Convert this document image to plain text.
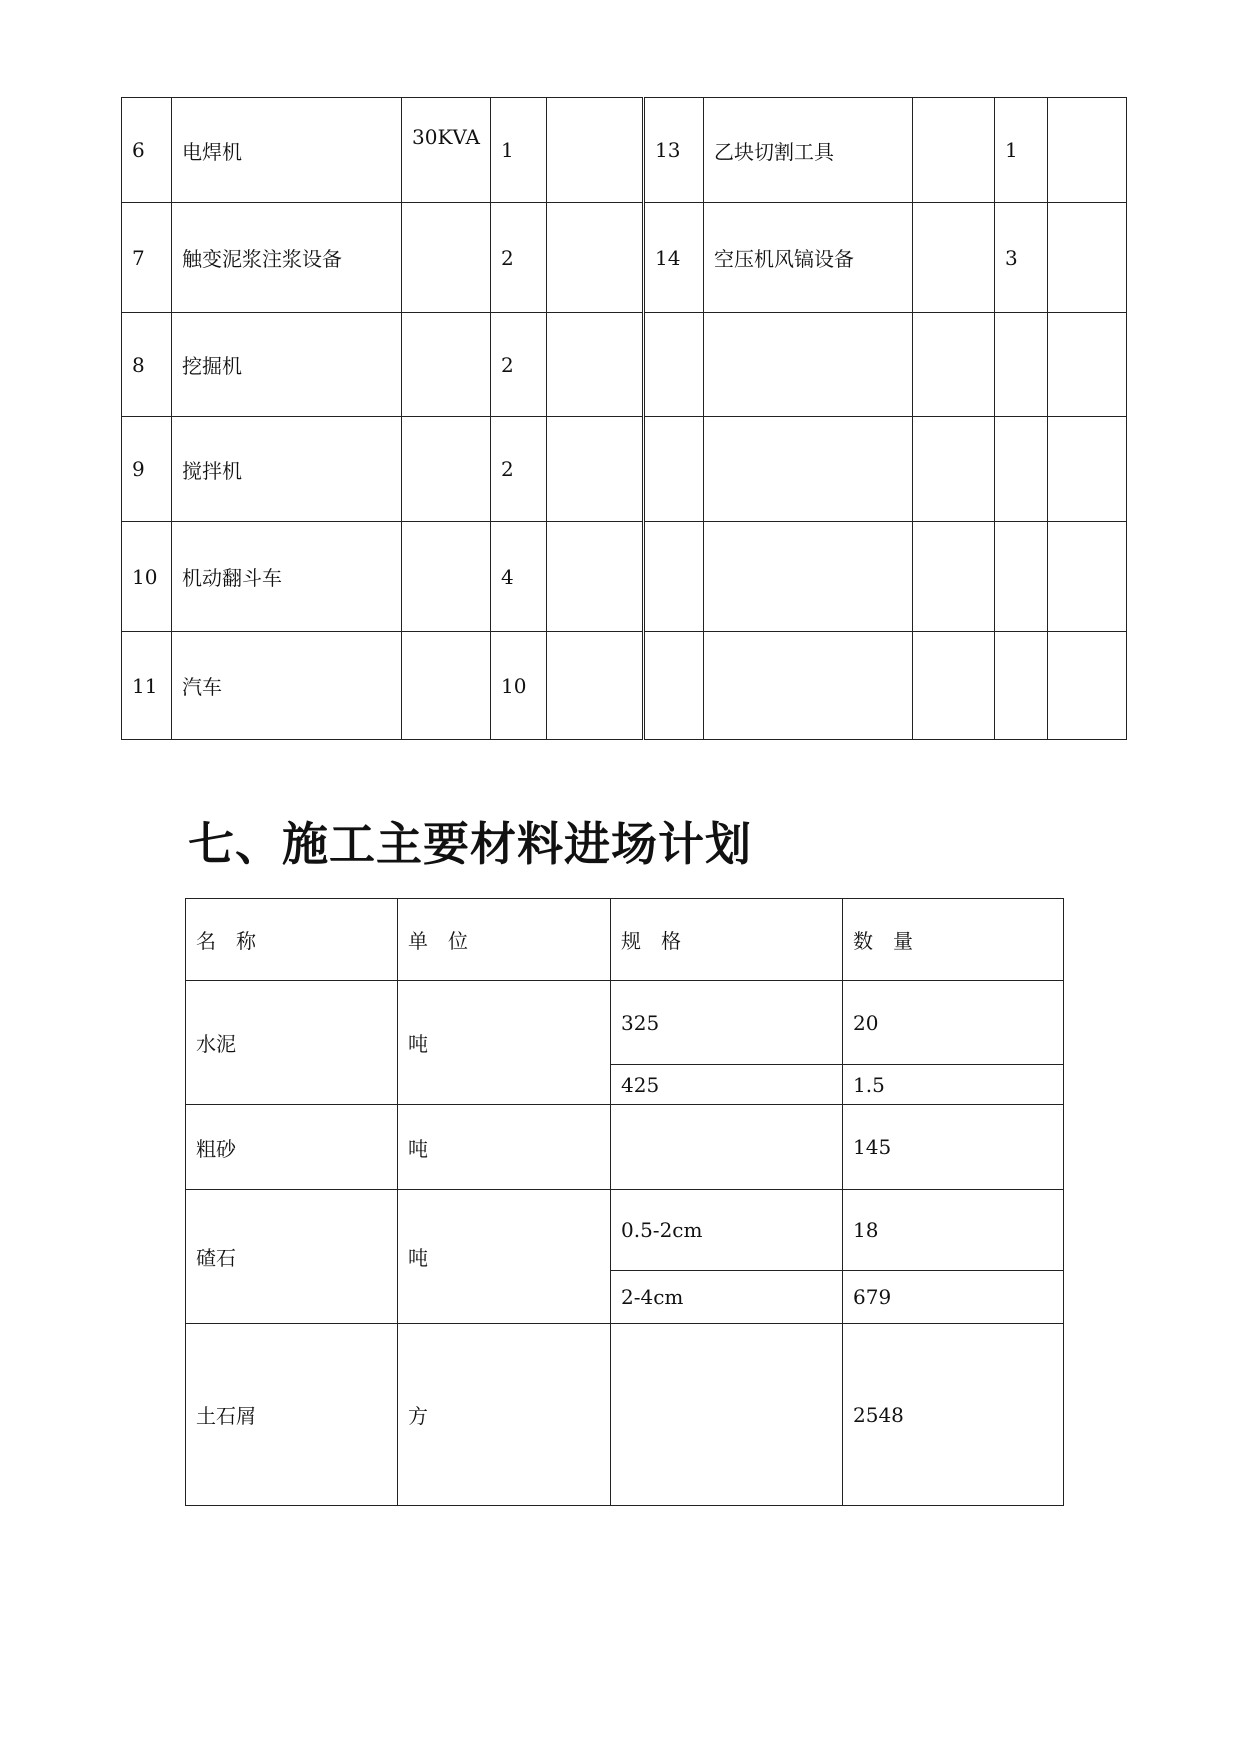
6	电焊机	30KVA	1		13	乙块切割工具		1	
7	触变泥浆注浆设备		2		14	空压机风镐设备		3	
8	挖掘机		2						
9	搅拌机		2						
10	机动翻斗车		4						
11	汽车		10						
七、施工主要材料进场计划
名　称	单　位	规　格	数　量
水泥	吨	325	20
		425	1.5
粗砂	吨		145
碴石	吨	0.5-2cm	18
		2-4cm	679
土石屑	方		2548
